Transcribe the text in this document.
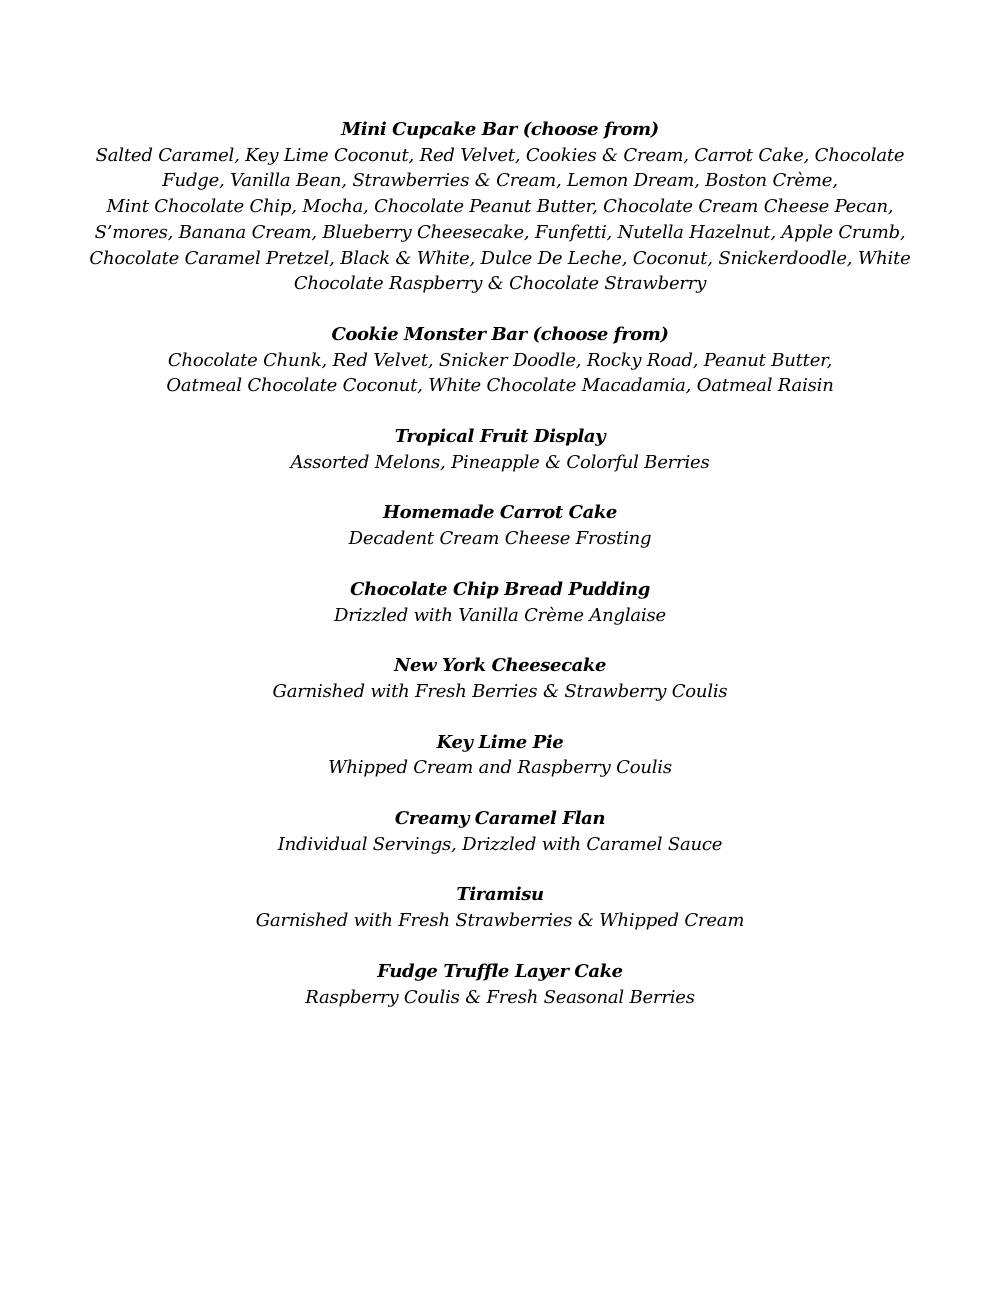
Mini Cupcake Bar (choose from)

Salted Caramel, Key Lime Coconut, Red Velvet, Cookies & Cream, Carrot Cake, Chocolate
Fudge, Vanilla Bean, Strawberries & Cream, Lemon Dream, Boston Crème,
Mint Chocolate Chip, Mocha, Chocolate Peanut Butter, Chocolate Cream Cheese Pecan,
S’mores, Banana Cream, Blueberry Cheesecake, Funfetti, Nutella Hazelnut, Apple Crumb,
Chocolate Caramel Pretzel, Black & White, Dulce De Leche, Coconut, Snickerdoodle, White
Chocolate Raspberry & Chocolate Strawberry

Cookie Monster Bar (choose from)

Chocolate Chunk, Red Velvet, Snicker Doodle, Rocky Road, Peanut Butter,
Oatmeal Chocolate Coconut, White Chocolate Macadamia, Oatmeal Raisin

Tropical Fruit Display

Assorted Melons, Pineapple & Colorful Berries

Homemade Carrot Cake

Decadent Cream Cheese Frosting

Chocolate Chip Bread Pudding

Drizzled with Vanilla Crème Anglaise

New York Cheesecake

Garnished with Fresh Berries & Strawberry Coulis

Key Lime Pie

Whipped Cream and Raspberry Coulis

Creamy Caramel Flan

Individual Servings, Drizzled with Caramel Sauce

Tiramisu

Garnished with Fresh Strawberries & Whipped Cream

Fudge Truffle Layer Cake

Raspberry Coulis & Fresh Seasonal Berries
